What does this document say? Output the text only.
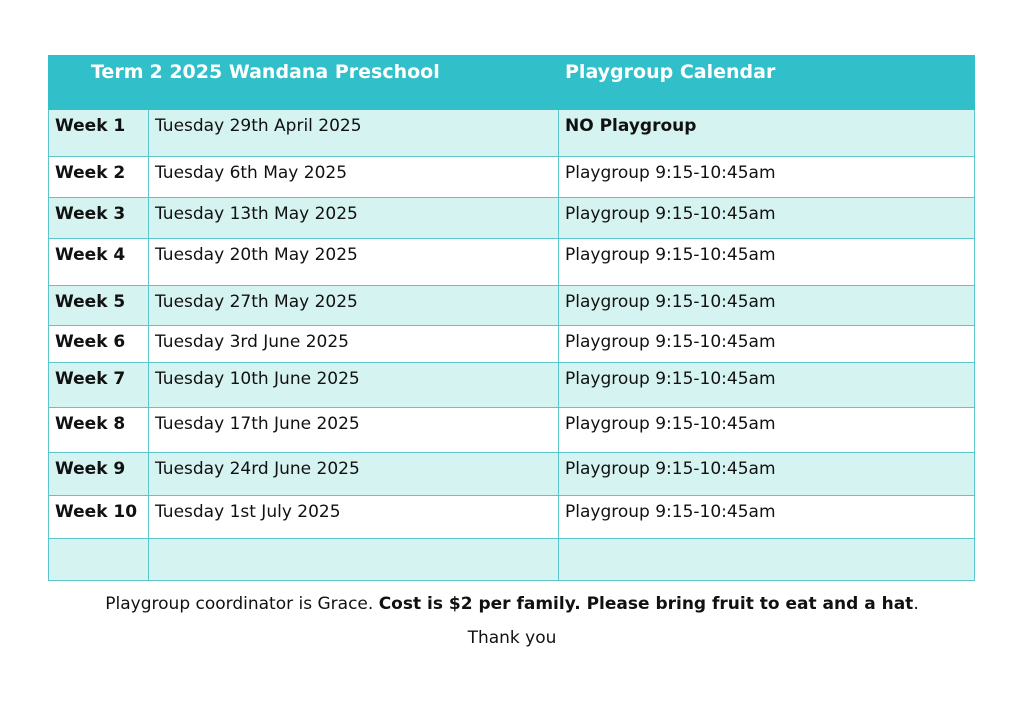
Term 2 2025 Wandana Preschool		Playgroup Calendar
Week 1	Tuesday 29th April 2025	NO Playgroup
Week 2	Tuesday 6th May 2025	Playgroup 9:15-10:45am
Week 3	Tuesday 13th May 2025	Playgroup 9:15-10:45am
Week 4	Tuesday 20th May 2025	Playgroup 9:15-10:45am
Week 5	Tuesday 27th May 2025	Playgroup 9:15-10:45am
Week 6	Tuesday 3rd June 2025	Playgroup 9:15-10:45am
Week 7	Tuesday 10th June 2025	Playgroup 9:15-10:45am
Week 8	Tuesday 17th June 2025	Playgroup 9:15-10:45am
Week 9	Tuesday 24rd June 2025	Playgroup 9:15-10:45am
Week 10	Tuesday 1st July 2025	Playgroup 9:15-10:45am

Playgroup coordinator is Grace. Cost is $2 per family. Please bring fruit to eat and a hat.
Thank you
